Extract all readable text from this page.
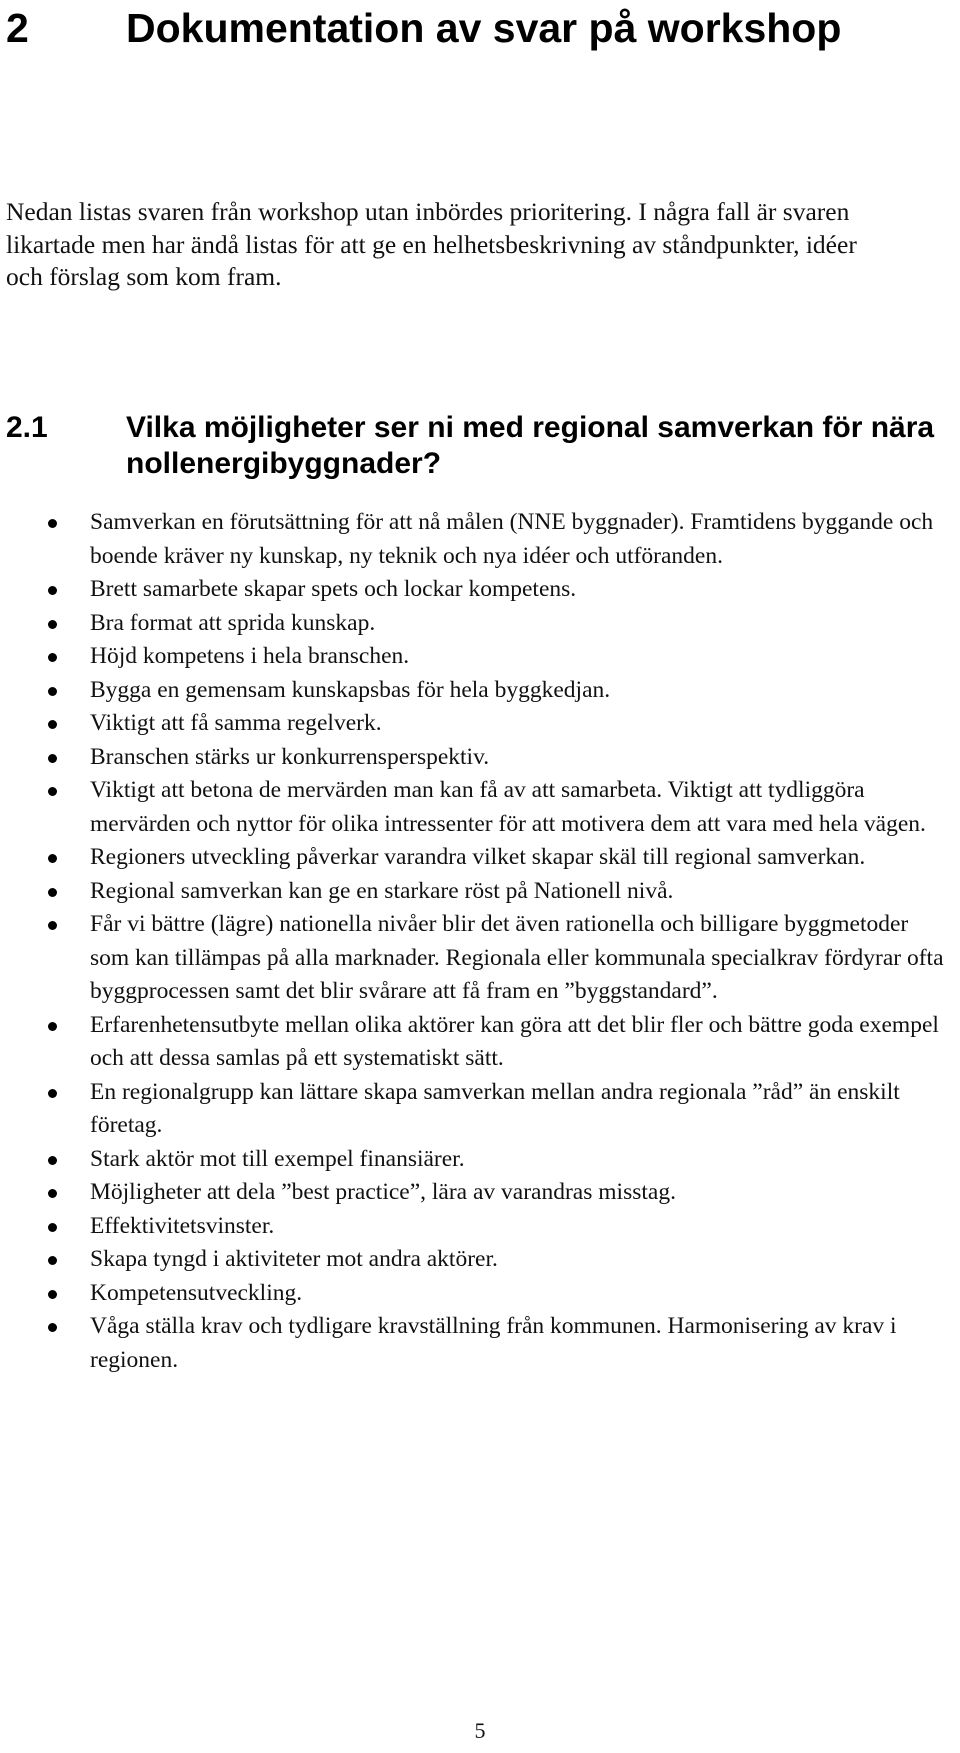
2 Dokumentation av svar på workshop

Nedan listas svaren från workshop utan inbördes prioritering. I några fall är svaren likartade men har ändå listas för att ge en helhetsbeskrivning av ståndpunkter, idéer och förslag som kom fram.

2.1	Vilka möjligheter ser ni med regional samverkan för nära nollenergibyggnader?
Samverkan en förutsättning för att nå målen (NNE byggnader). Framtidens byggande och boende kräver ny kunskap, ny teknik och nya idéer och utföranden.
Brett samarbete skapar spets och lockar kompetens.
Bra format att sprida kunskap.
Höjd kompetens i hela branschen.
Bygga en gemensam kunskapsbas för hela byggkedjan.
Viktigt att få samma regelverk.
Branschen stärks ur konkurrensperspektiv.
Viktigt att betona de mervärden man kan få av att samarbeta. Viktigt att tydliggöra mervärden och nyttor för olika intressenter för att motivera dem att vara med hela vägen.
Regioners utveckling påverkar varandra vilket skapar skäl till regional samverkan.
Regional samverkan kan ge en starkare röst på Nationell nivå.
Får vi bättre (lägre) nationella nivåer blir det även rationella och billigare byggmetoder som kan tillämpas på alla marknader. Regionala eller kommunala specialkrav fördyrar ofta byggprocessen samt det blir svårare att få fram en ”byggstandard”.
Erfarenhetensutbyte mellan olika aktörer kan göra att det blir fler och bättre goda exempel och att dessa samlas på ett systematiskt sätt.
En regionalgrupp kan lättare skapa samverkan mellan andra regionala ”råd” än enskilt företag.
Stark aktör mot till exempel finansiärer.
Möjligheter att dela ”best practice”, lära av varandras misstag.
Effektivitetsvinster.
Skapa tyngd i aktiviteter mot andra aktörer.
Kompetensutveckling.
Våga ställa krav och tydligare kravställning från kommunen. Harmonisering av krav i regionen.
5
